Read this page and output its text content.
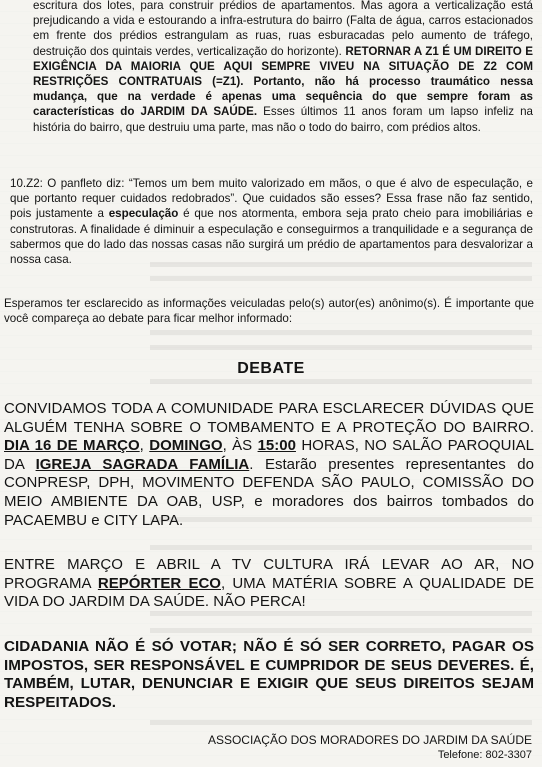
escritura dos lotes, para construir prédios de apartamentos. Mas agora a verticalização está prejudicando a vida e estourando a infra-estrutura do bairro (Falta de água, carros estacionados em frente dos prédios estrangulam as ruas, ruas esburacadas pelo aumento de tráfego, destruição dos quintais verdes, verticalização do horizonte). RETORNAR A Z1 É UM DIREITO E EXIGÊNCIA DA MAIORIA QUE AQUI SEMPRE VIVEU NA SITUAÇÃO DE Z2 COM RESTRIÇÕES CONTRATUAIS (=Z1). Portanto, não há processo traumático nessa mudança, que na verdade é apenas uma sequência do que sempre foram as características do JARDIM DA SAÚDE. Esses últimos 11 anos foram um lapso infeliz na história do bairro, que destruiu uma parte, mas não o todo do bairro, com prédios altos.
10.Z2: O panfleto diz: “Temos um bem muito valorizado em mãos, o que é alvo de especulação, e que portanto requer cuidados redobrados”. Que cuidados são esses? Essa frase não faz sentido, pois justamente a especulação é que nos atormenta, embora seja prato cheio para imobiliárias e construtoras. A finalidade é diminuir a especulação e conseguirmos a tranquilidade e a segurança de sabermos que do lado das nossas casas não surgirá um prédio de apartamentos para desvalorizar a nossa casa.
Esperamos ter esclarecido as informações veiculadas pelo(s) autor(es) anônimo(s). É importante que você compareça ao debate para ficar melhor informado:
DEBATE
CONVIDAMOS TODA A COMUNIDADE PARA ESCLARECER DÚVIDAS QUE ALGUÉM TENHA SOBRE O TOMBAMENTO E A PROTEÇÃO DO BAIRRO. DIA 16 DE MARÇO, DOMINGO, ÀS 15:00 HORAS, NO SALÃO PAROQUIAL DA IGREJA SAGRADA FAMÍLIA. Estarão presentes representantes do CONPRESP, DPH, MOVIMENTO DEFENDA SÃO PAULO, COMISSÃO DO MEIO AMBIENTE DA OAB, USP, e moradores dos bairros tombados do PACAEMBU e CITY LAPA.
ENTRE MARÇO E ABRIL A TV CULTURA IRÁ LEVAR AO AR, NO PROGRAMA REPÓRTER ECO, UMA MATÉRIA SOBRE A QUALIDADE DE VIDA DO JARDIM DA SAÚDE. NÃO PERCA!
CIDADANIA NÃO É SÓ VOTAR; NÃO É SÓ SER CORRETO, PAGAR OS IMPOSTOS, SER RESPONSÁVEL E CUMPRIDOR DE SEUS DEVERES. É, TAMBÉM, LUTAR, DENUNCIAR E EXIGIR QUE SEUS DIREITOS SEJAM RESPEITADOS.
ASSOCIAÇÃO DOS MORADORES DO JARDIM DA SAÚDE
Telefone: 802-3307
